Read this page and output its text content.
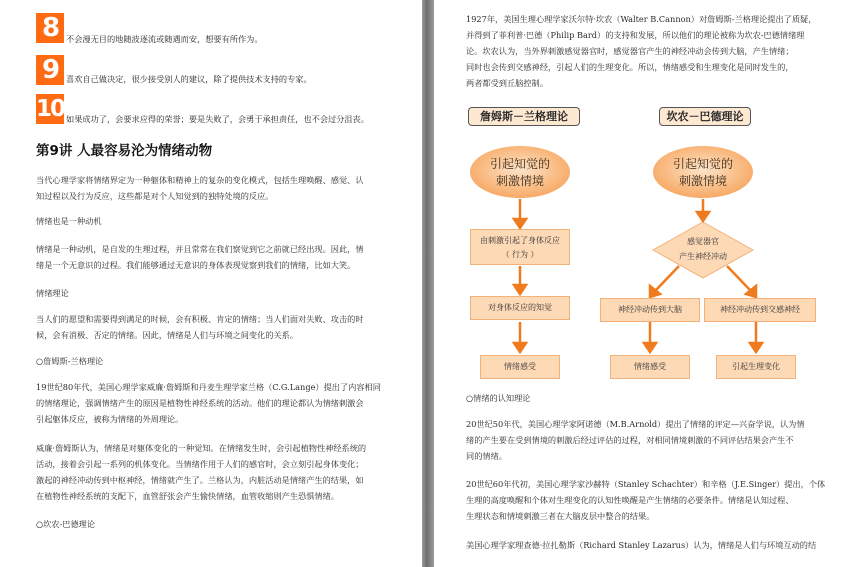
8 不会漫无目的地随波逐流或随遇而安，想要有所作为。
9 喜欢自己做决定，很少接受别人的建议，除了提供技术支持的专家。
10 如果成功了，会要求应得的荣誉；要是失败了，会勇于承担责任，也不会过分沮丧。
第9讲 人最容易沦为情绪动物
当代心理学家将情绪界定为一种躯体和精神上的复杂的变化模式，包括生理唤醒、感觉、认
知过程以及行为反应，这些都是对个人知觉到的独特处境的反应。
情绪也是一种动机
情绪是一种动机，是自发的生理过程，并且常常在我们察觉到它之前就已经出现。因此，情
绪是一个无意识的过程。我们能够通过无意识的身体表现觉察到我们的情绪，比如大笑。
情绪理论
当人们的愿望和需要得到满足的时候，会有积极、肯定的情绪；当人们面对失败、攻击的时
候，会有消极、否定的情绪。因此，情绪是人们与环境之间变化的关系。
○詹姆斯-兰格理论
19世纪80年代，美国心理学家威廉·詹姆斯和丹麦生理学家兰格（C.G.Lange）提出了内容相同
的情绪理论，强调情绪产生的原因是植物性神经系统的活动。他们的理论都认为情绪刺激会
引起躯体反应，被称为情绪的外周理论。
威廉·詹姆斯认为，情绪是对躯体变化的一种觉知。在情绪发生时，会引起植物性神经系统的
活动，接着会引起一系列的机体变化。当情绪作用于人们的感官时，会立刻引起身体变化；
激起的神经冲动传到中枢神经，情绪就产生了。兰格认为，内脏活动是情绪产生的结果，如
在植物性神经系统的支配下，血管舒张会产生愉快情绪，血管收缩则产生恐惧情绪。
○坎农-巴德理论
1927年，美国生理心理学家沃尔特·坎农（Walter B.Cannon）对詹姆斯-兰格理论提出了质疑，
并得到了菲利普·巴德（Philip Bard）的支持和发展，所以他们的理论被称为坎农-巴德情绪理
论。坎农认为，当外界刺激感觉器官时，感觉器官产生的神经冲动会传到大脑，产生情绪；
同时也会传到交感神经，引起人们的生理变化。所以，情绪感受和生理变化是同时发生的，
两者都受到丘脑控制。
詹姆斯－兰格理论	坎农－巴德理论
引起知觉的
刺激情境
引起知觉的
刺激情境
由刺激引起了身体反应
（ 行为 ）
对身体反应的知觉
情绪感受
感觉器官
产生神经冲动
神经冲动传到大脑	神经冲动传到交感神经
情绪感受	引起生理变化
○情绪的认知理论
20世纪50年代，美国心理学家阿诺德（M.B.Arnold）提出了情绪的评定—兴奋学说，认为情
绪的产生要在受到情境的刺激后经过评估的过程，对相同情境刺激的不同评估结果会产生不
同的情绪。
20世纪60年代初，美国心理学家沙赫特（Stanley Schachter）和辛格（J.E.Singer）提出，个体
生理的高度唤醒和个体对生理变化的认知性唤醒是产生情绪的必要条件。情绪是认知过程、
生理状态和情境刺激三者在大脑皮层中整合的结果。
美国心理学家理查德·拉扎勒斯（Richard Stanley Lazarus）认为，情绪是人们与环境互动的结
